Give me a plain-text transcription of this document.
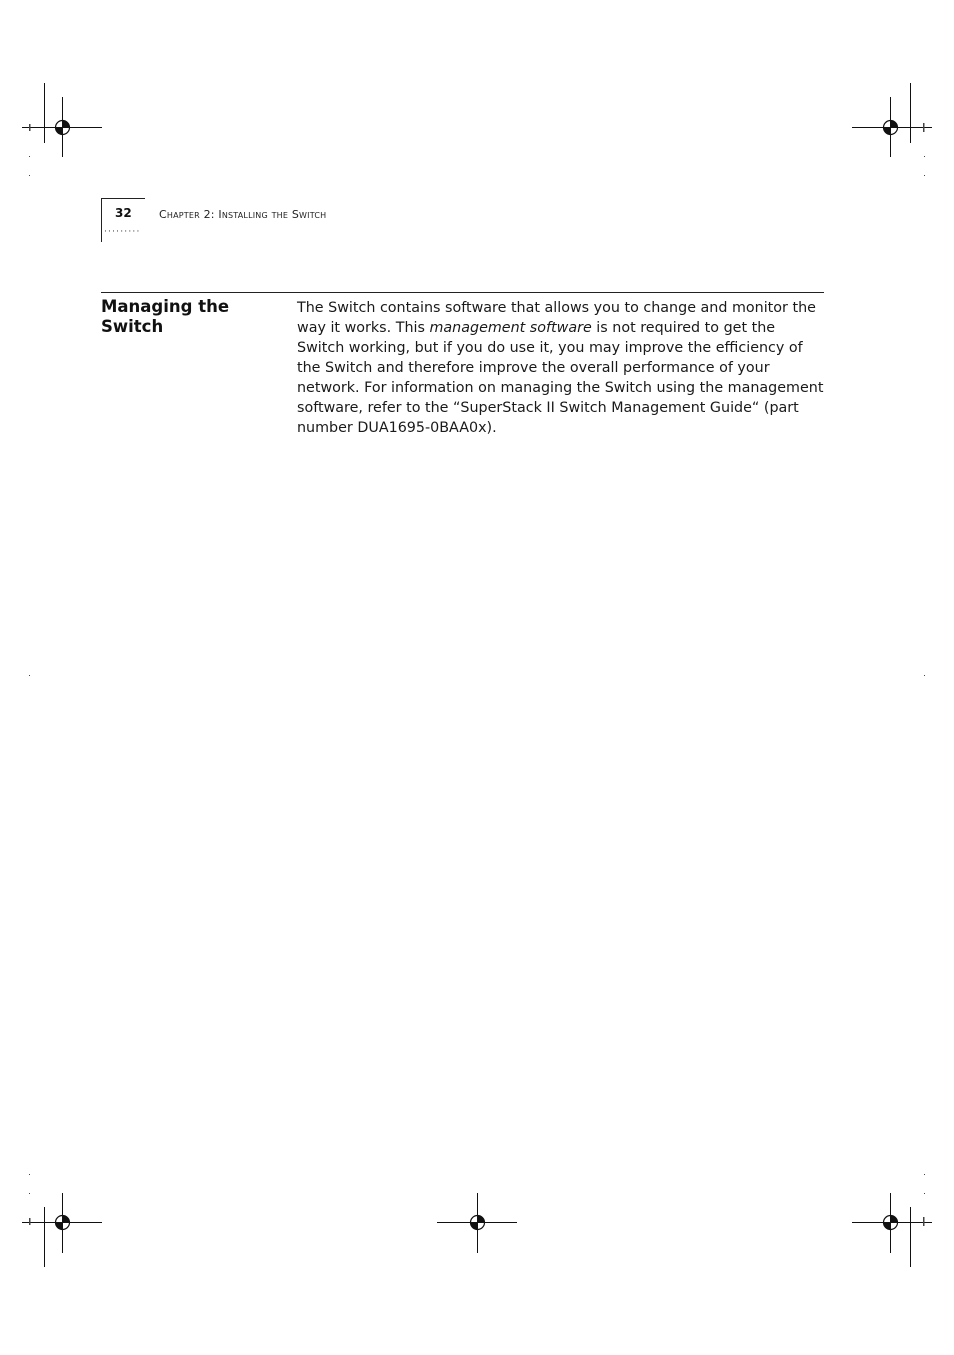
32 Chapter 2: Installing the Switch
·········
Managing the
Switch
The Switch contains software that allows you to change and monitor the way it works. This management software is not required to get the Switch working, but if you do use it, you may improve the efficiency of the Switch and therefore improve the overall performance of your network. For information on managing the Switch using the management software, refer to the “SuperStack II Switch Management Guide“ (part number DUA1695-0BAA0x).
